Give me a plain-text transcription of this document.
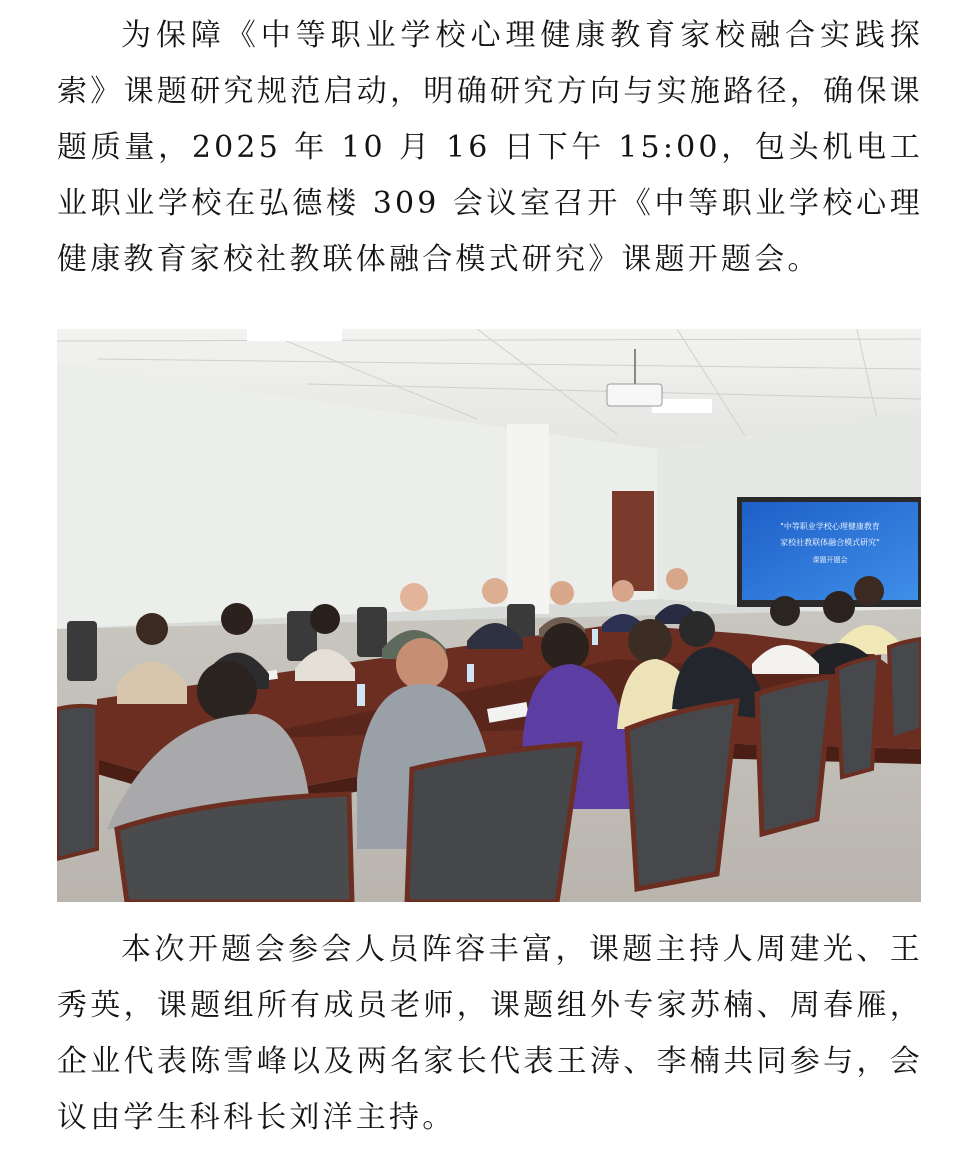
为保障《中等职业学校心理健康教育家校融合实践探索》课题研究规范启动，明确研究方向与实施路径，确保课题质量，2025 年 10 月 16 日下午 15:00，包头机电工业职业学校在弘德楼 309 会议室召开《中等职业学校心理健康教育家校社教联体融合模式研究》课题开题会。

"中等职业学校心理健康教育
家校社教联体融合模式研究"
课题开题会

本次开题会参会人员阵容丰富，课题主持人周建光、王秀英，课题组所有成员老师，课题组外专家苏楠、周春雁，企业代表陈雪峰以及两名家长代表王涛、李楠共同参与，会议由学生科科长刘洋主持。
